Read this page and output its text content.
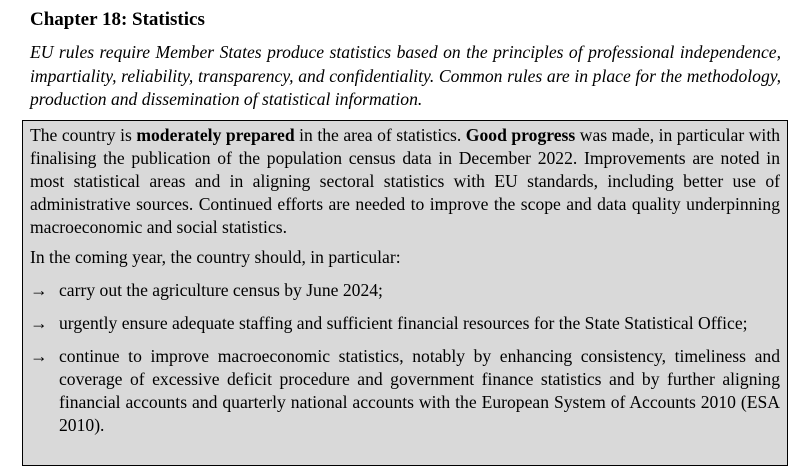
Chapter 18: Statistics

EU rules require Member States produce statistics based on the principles of professional independence, impartiality, reliability, transparency, and confidentiality. Common rules are in place for the methodology, production and dissemination of statistical information.

The country is moderately prepared in the area of statistics. Good progress was made, in particular with finalising the publication of the population census data in December 2022. Improvements are noted in most statistical areas and in aligning sectoral statistics with EU standards, including better use of administrative sources. Continued efforts are needed to improve the scope and data quality underpinning macroeconomic and social statistics.

In the coming year, the country should, in particular:

→ carry out the agriculture census by June 2024;
→ urgently ensure adequate staffing and sufficient financial resources for the State Statistical Office;
→ continue to improve macroeconomic statistics, notably by enhancing consistency, timeliness and coverage of excessive deficit procedure and government finance statistics and by further aligning financial accounts and quarterly national accounts with the European System of Accounts 2010 (ESA 2010).
